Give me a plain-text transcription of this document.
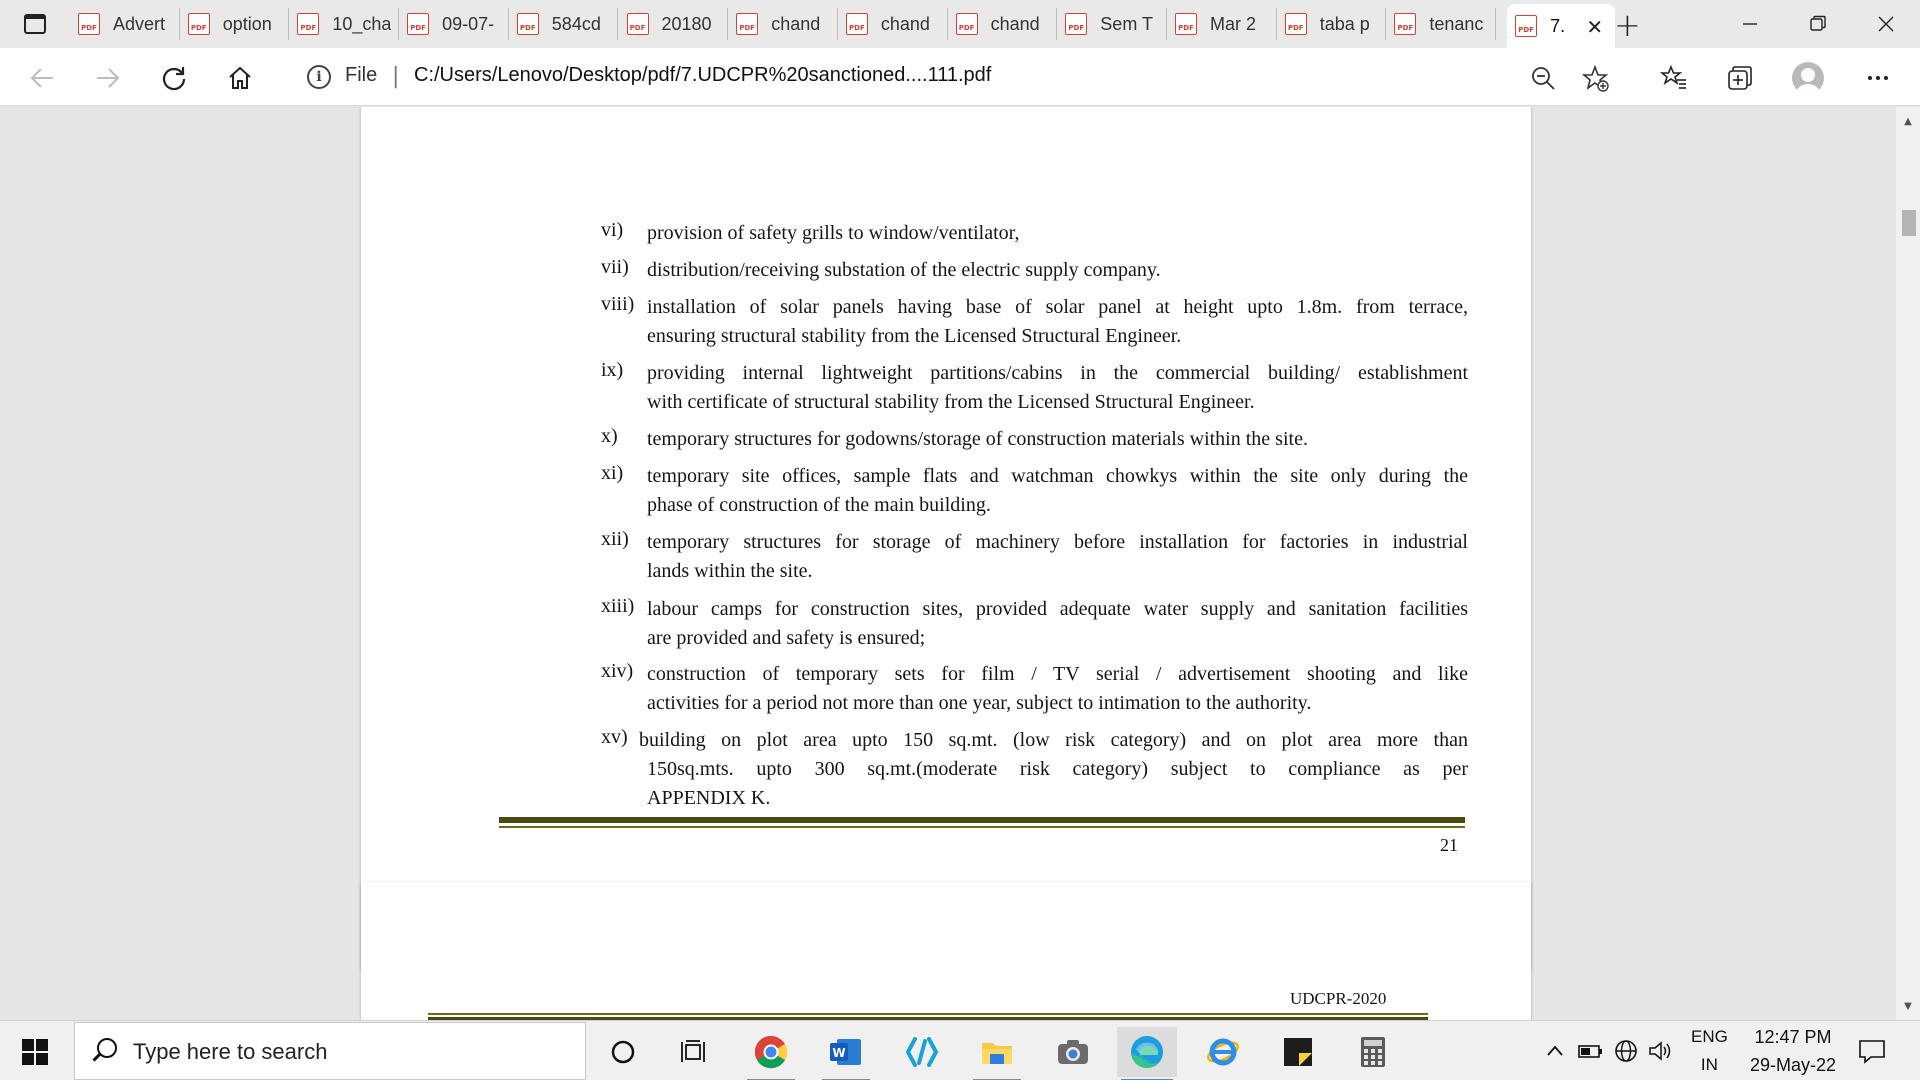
PDF Advert	PDF option	PDF 10_cha	PDF 09-07-	PDF 584cd	PDF 20180	PDF chand	PDF chand	PDF chand	PDF Sem T	PDF Mar 2	PDF taba p	PDF tenanc	PDF 7. ✕ +
i	File | C:/Users/Lenovo/Desktop/pdf/7.UDCPR%20sanctioned....111.pdf
vi) provision of safety grills to window/ventilator,
vii) distribution/receiving substation of the electric supply company.
viii) installation of solar panels having base of solar panel at height upto 1.8m. from terrace,
ensuring structural stability from the Licensed Structural Engineer.
ix) providing internal lightweight partitions/cabins in the commercial building/ establishment
with certificate of structural stability from the Licensed Structural Engineer.
x) temporary structures for godowns/storage of construction materials within the site.
xi) temporary site offices, sample flats and watchman chowkys within the site only during the
phase of construction of the main building.
xii) temporary structures for storage of machinery before installation for factories in industrial
lands within the site.
xiii) labour camps for construction sites, provided adequate water supply and sanitation facilities
are provided and safety is ensured;
xiv) construction of temporary sets for film / TV serial / advertisement shooting and like
activities for a period not more than one year, subject to intimation to the authority.
xv) building on plot area upto 150 sq.mt. (low risk category) and on plot area more than
150sq.mts. upto 300 sq.mt.(moderate risk category) subject to compliance as per
APPENDIX K.
21
UDCPR-2020
▲
▼
Type here to search	W
ENG
IN
12:47 PM
29-May-22
